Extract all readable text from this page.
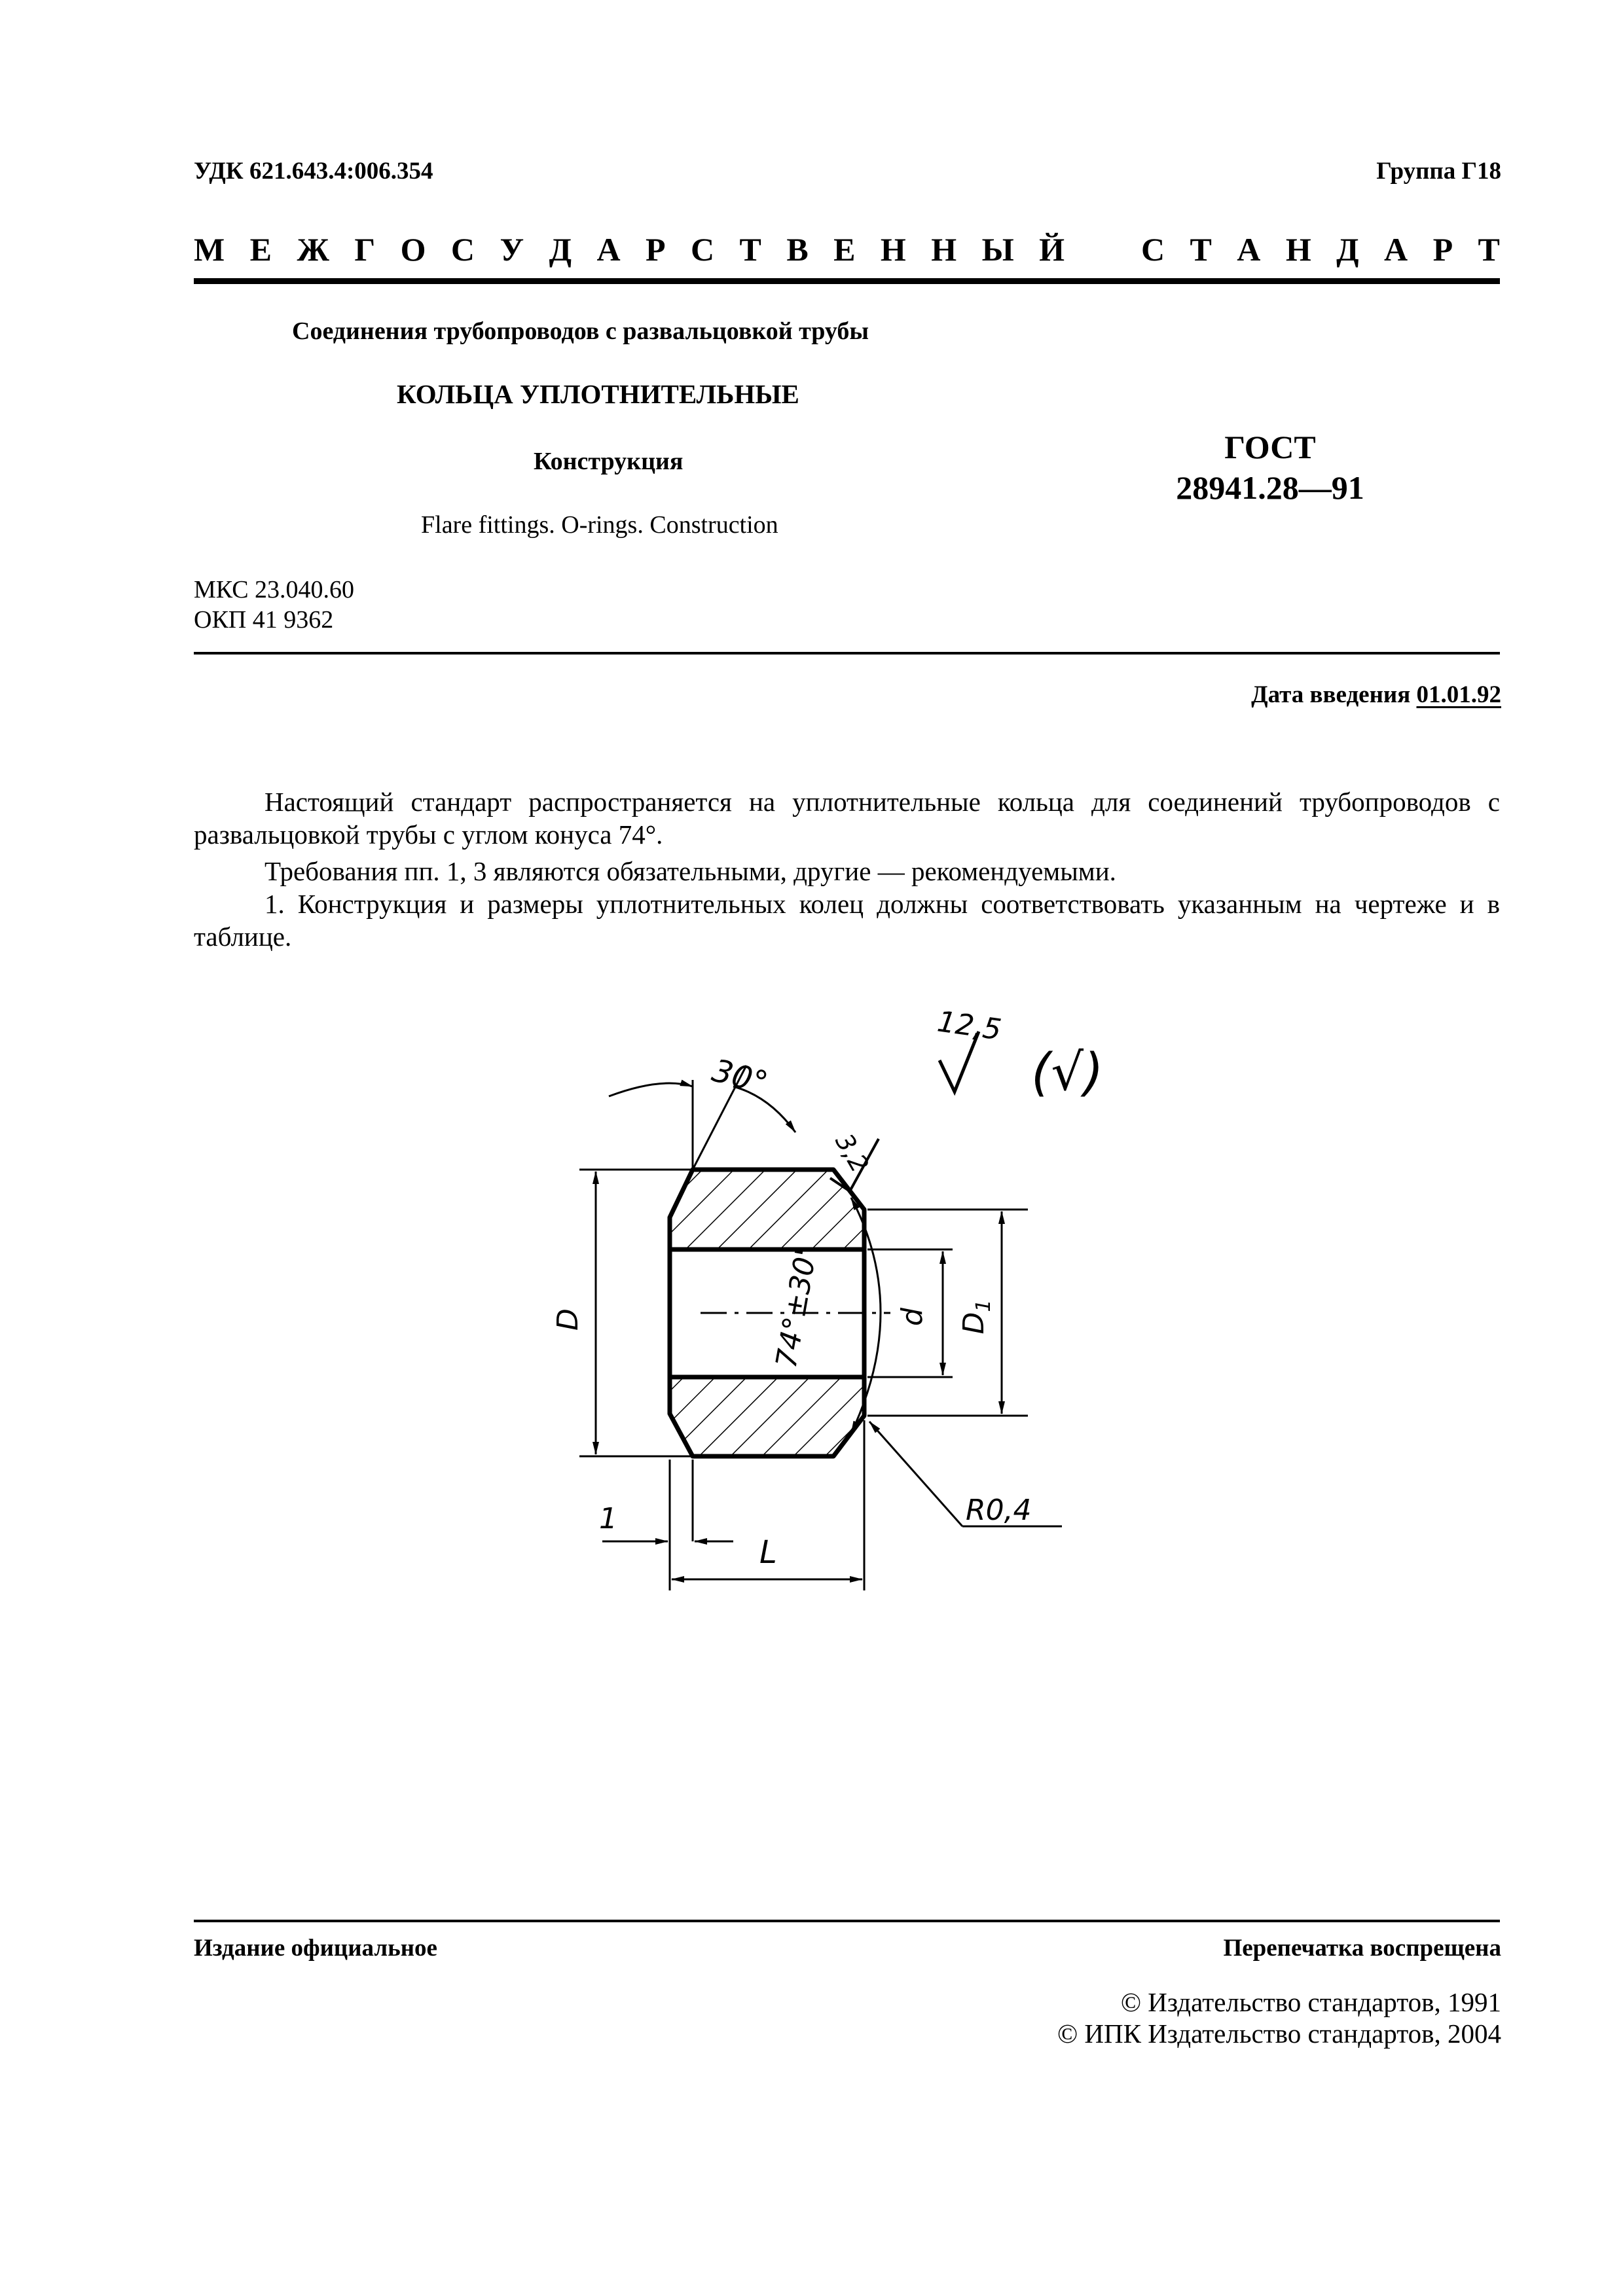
УДК 621.643.4:006.354	Группа Г18
М Е Ж Г О С У Д А Р С Т В Е Н Н Ы Й С Т А Н Д А Р Т
Соединения трубопроводов с развальцовкой трубы
КОЛЬЦА УПЛОТНИТЕЛЬНЫЕ
Конструкция	ГОСТ
28941.28—91
Flare fittings. O-rings. Construction
МКС 23.040.60
ОКП 41 9362
Дата введения 01.01.92
Настоящий стандарт распространяется на уплотнительные кольца для соединений трубопроводов с развальцовкой трубы с углом конуса 74°.
Требования пп. 1, 3 являются обязательными, другие — рекомендуемыми.
1. Конструкция и размеры уплотнительных колец должны соответствовать указанным на чертеже и в таблице.
D	d $D_1$
30°
74°±30'
3,2
12,5
(√)
R0,4
1
L
Издание официальное	Перепечатка воспрещена
© Издательство стандартов, 1991
© ИПК Издательство стандартов, 2004
